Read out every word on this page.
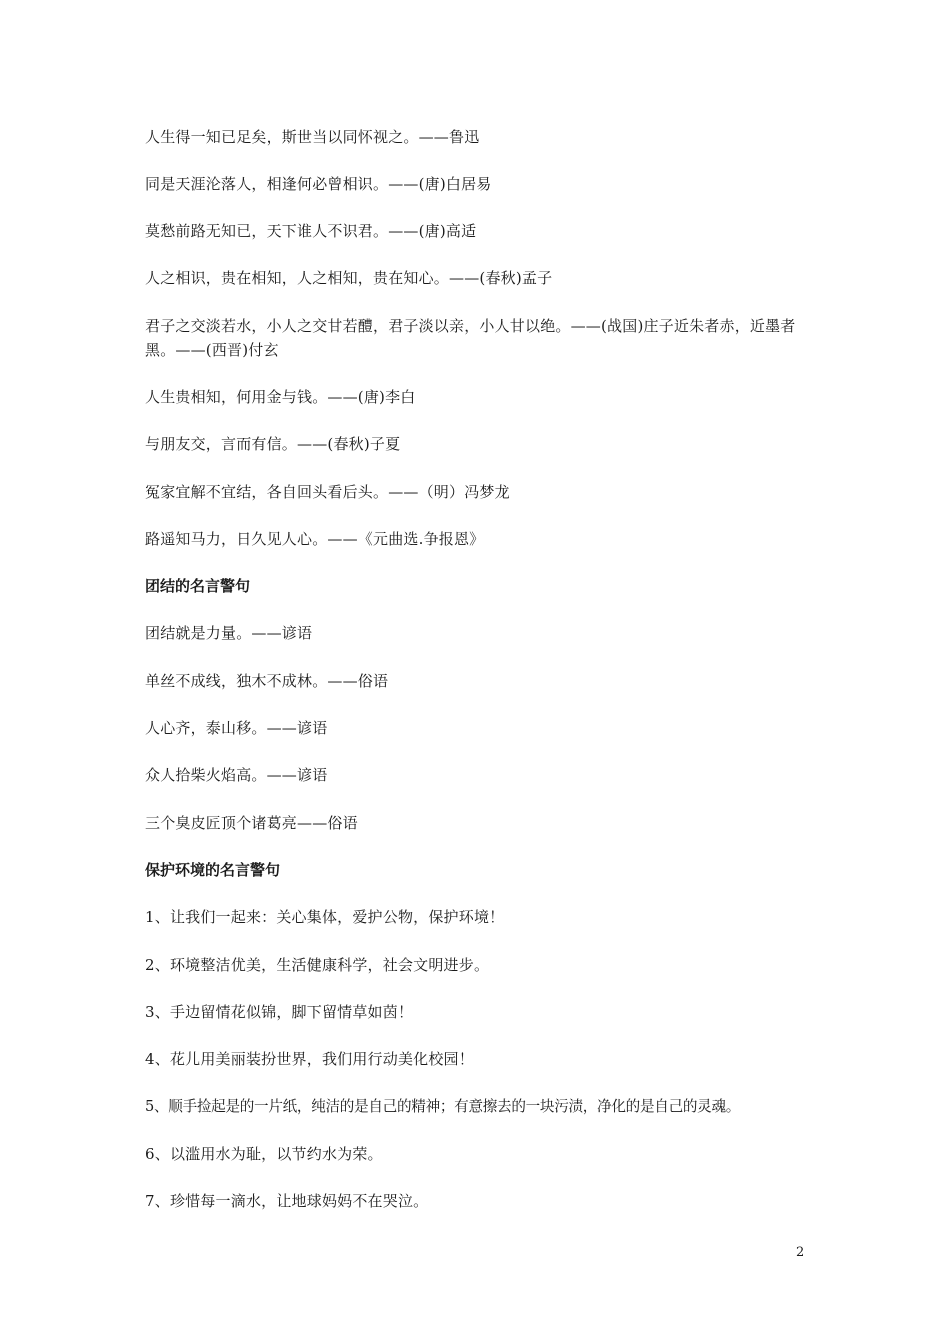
人生得一知已足矣，斯世当以同怀视之。——鲁迅
同是天涯沦落人，相逢何必曾相识。——(唐)白居易
莫愁前路无知已，天下谁人不识君。——(唐)高适
人之相识，贵在相知，人之相知，贵在知心。——(春秋)孟子
君子之交淡若水，小人之交甘若醴，君子淡以亲，小人甘以绝。——(战国)庄子近朱者赤，近墨者黑。——(西晋)付玄
人生贵相知，何用金与钱。——(唐)李白
与朋友交，言而有信。——(春秋)子夏
冤家宜解不宜结，各自回头看后头。——（明）冯梦龙
路遥知马力，日久见人心。——《元曲选.争报恩》
团结的名言警句
团结就是力量。——谚语
单丝不成线，独木不成林。——俗语
人心齐，泰山移。——谚语
众人拾柴火焰高。——谚语
三个臭皮匠顶个诸葛亮——俗语
保护环境的名言警句
1、让我们一起来：关心集体，爱护公物，保护环境！
2、环境整洁优美，生活健康科学，社会文明进步。
3、手边留情花似锦，脚下留情草如茵！
4、花儿用美丽装扮世界，我们用行动美化校园！
5、顺手捡起是的一片纸，纯洁的是自己的精神；有意擦去的一块污渍，净化的是自己的灵魂。
6、以滥用水为耻，以节约水为荣。
7、珍惜每一滴水，让地球妈妈不在哭泣。
2
